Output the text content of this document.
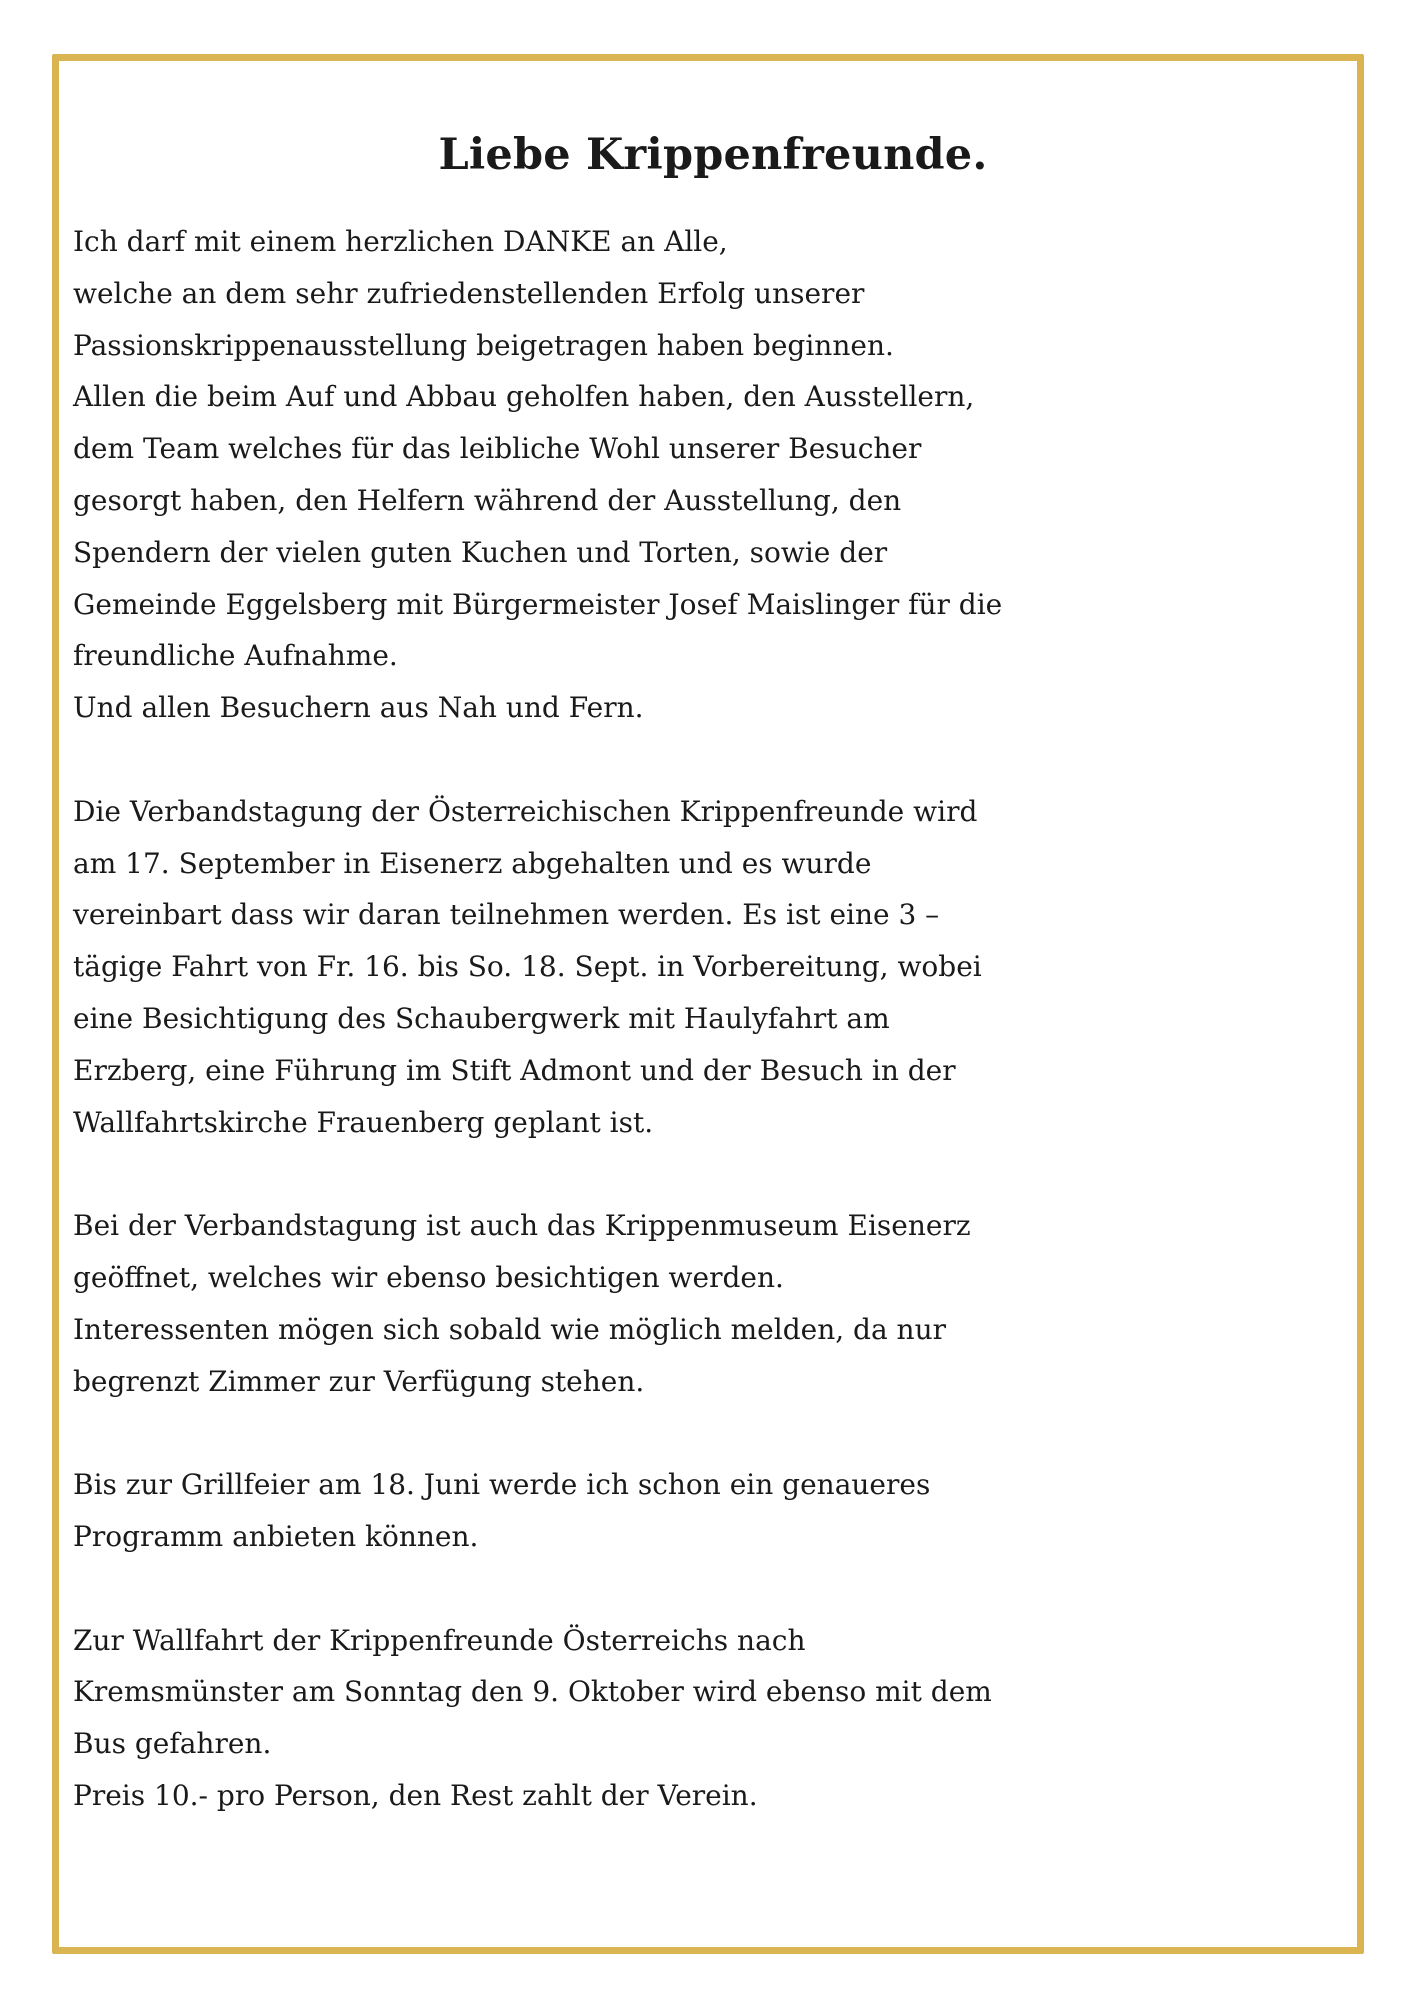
Liebe Krippenfreunde.
Ich darf mit einem herzlichen DANKE an Alle,
welche an dem sehr zufriedenstellenden Erfolg unserer
Passionskrippenausstellung beigetragen haben beginnen.
Allen die beim Auf und Abbau geholfen haben, den Ausstellern,
dem Team welches für das leibliche Wohl unserer Besucher
gesorgt haben, den Helfern während der Ausstellung, den
Spendern der vielen guten Kuchen und Torten, sowie der
Gemeinde Eggelsberg mit Bürgermeister Josef Maislinger für die
freundliche Aufnahme.
Und allen Besuchern aus Nah und Fern.
Die Verbandstagung der Österreichischen Krippenfreunde wird
am 17. September in Eisenerz abgehalten und es wurde
vereinbart dass wir daran teilnehmen werden. Es ist eine 3 –
tägige Fahrt von Fr. 16. bis So. 18. Sept. in Vorbereitung, wobei
eine Besichtigung des Schaubergwerk mit Haulyfahrt am
Erzberg, eine Führung im Stift Admont und der Besuch in der
Wallfahrtskirche Frauenberg geplant ist.
Bei der Verbandstagung ist auch das Krippenmuseum Eisenerz
geöffnet, welches wir ebenso besichtigen werden.
Interessenten mögen sich sobald wie möglich melden, da nur
begrenzt Zimmer zur Verfügung stehen.
Bis zur Grillfeier am 18. Juni werde ich schon ein genaueres
Programm anbieten können.
Zur Wallfahrt der Krippenfreunde Österreichs nach
Kremsmünster am Sonntag den 9. Oktober wird ebenso mit dem
Bus gefahren.
Preis 10.- pro Person, den Rest zahlt der Verein.
